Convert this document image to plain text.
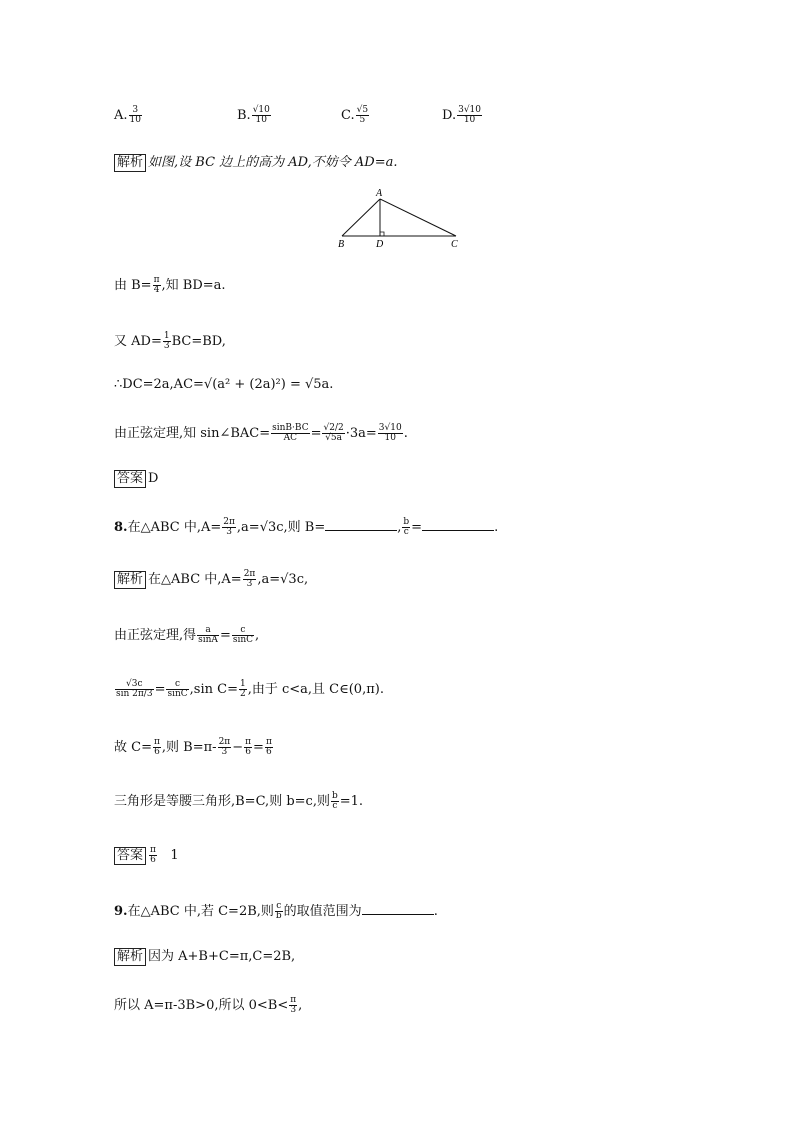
A. $\frac{3}{10}$	B. $\frac{√10}{10}$	C. $\frac{√5}{5}$	D. $\frac{3√10}{10}$
解析 如图,设 BC 边上的高为 AD,不妨令 AD=a.
A
B	D	C
由 $B= \frac{\pi}{4}$ ,知 BD=a.
又 $AD= \frac{1}{3} BC=BD$,
∴DC=2a,AC=√(a² + (2a)²) = √5a.
由正弦定理,知 sin∠BAC= $\frac{\sin B\cdot BC}{AC} = \frac{√2/2}{√5a} \cdot 3a= \frac{3√10}{10}$ .
答案 D
8.在△ABC 中$,A= \frac{2\pi}{3} ,a=√3c$,则 B=	, $\frac{b}{c}$ =	.
解析 在△ABC 中$,A= \frac{2\pi}{3} ,a=√3c$,
由正弦定理,得 $\frac{a}{\sin A} = \frac{c}{\sin C}$ ,
$\frac{√3c}{\sin 2\pi/3} = \frac{c}{\sin C} ,\sin$ $C= \frac{1}{2}$ ,由于 c<a,且 C∈(0,π).
故 $C= \frac{\pi}{6}$ ,则 $B=\pi- \frac{2\pi}{3} - \frac{\pi}{6} = \frac{\pi}{6}$
三角形是等腰三角形,B=C,则 b=c,则 $\frac{b}{c} =1$.
答案 $\frac{\pi}{6} 1$
9.在△ABC 中,若 C=2B,则 $\frac{c}{b}$ 的取值范围为	.
解析 因为 A+B+C=π,C=2B,
所以 A=π-3B>0,所以 $0<B< \frac{\pi}{3}$ ,
